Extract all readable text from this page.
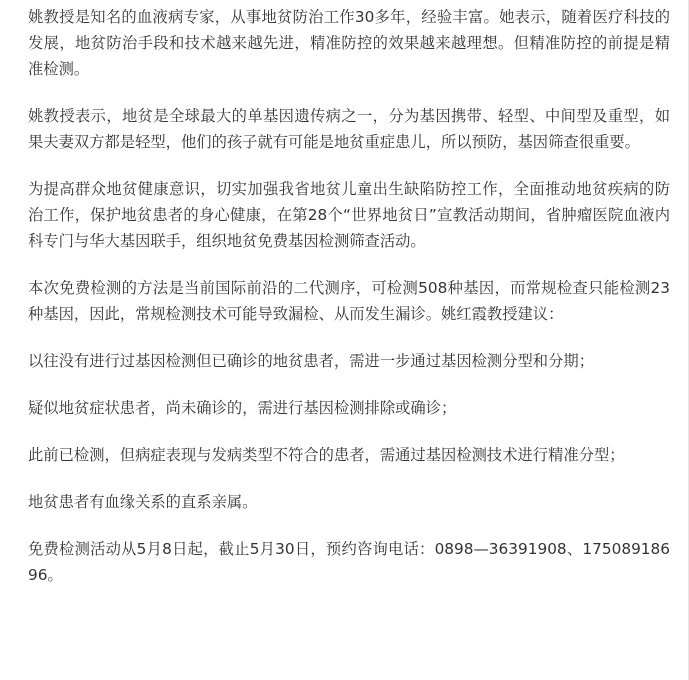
姚教授是知名的血液病专家，从事地贫防治工作30多年，经验丰富。她表示，随着医疗科技的发展，地贫防治手段和技术越来越先进，精准防控的效果越来越理想。但精准防控的前提是精准检测。

姚教授表示，地贫是全球最大的单基因遗传病之一，分为基因携带、轻型、中间型及重型，如果夫妻双方都是轻型，他们的孩子就有可能是地贫重症患儿，所以预防，基因筛查很重要。

为提高群众地贫健康意识，切实加强我省地贫儿童出生缺陷防控工作，全面推动地贫疾病的防治工作，保护地贫患者的身心健康，在第28个“世界地贫日”宣教活动期间，省肿瘤医院血液内科专门与华大基因联手，组织地贫免费基因检测筛查活动。

本次免费检测的方法是当前国际前沿的二代测序，可检测508种基因，而常规检查只能检测23种基因，因此，常规检测技术可能导致漏检、从而发生漏诊。姚红霞教授建议：

以往没有进行过基因检测但已确诊的地贫患者，需进一步通过基因检测分型和分期；

疑似地贫症状患者，尚未确诊的，需进行基因检测排除或确诊；

此前已检测，但病症表现与发病类型不符合的患者，需通过基因检测技术进行精准分型；

地贫患者有血缘关系的直系亲属。

免费检测活动从5月8日起，截止5月30日，预约咨询电话：0898—36391908、17508918696。
